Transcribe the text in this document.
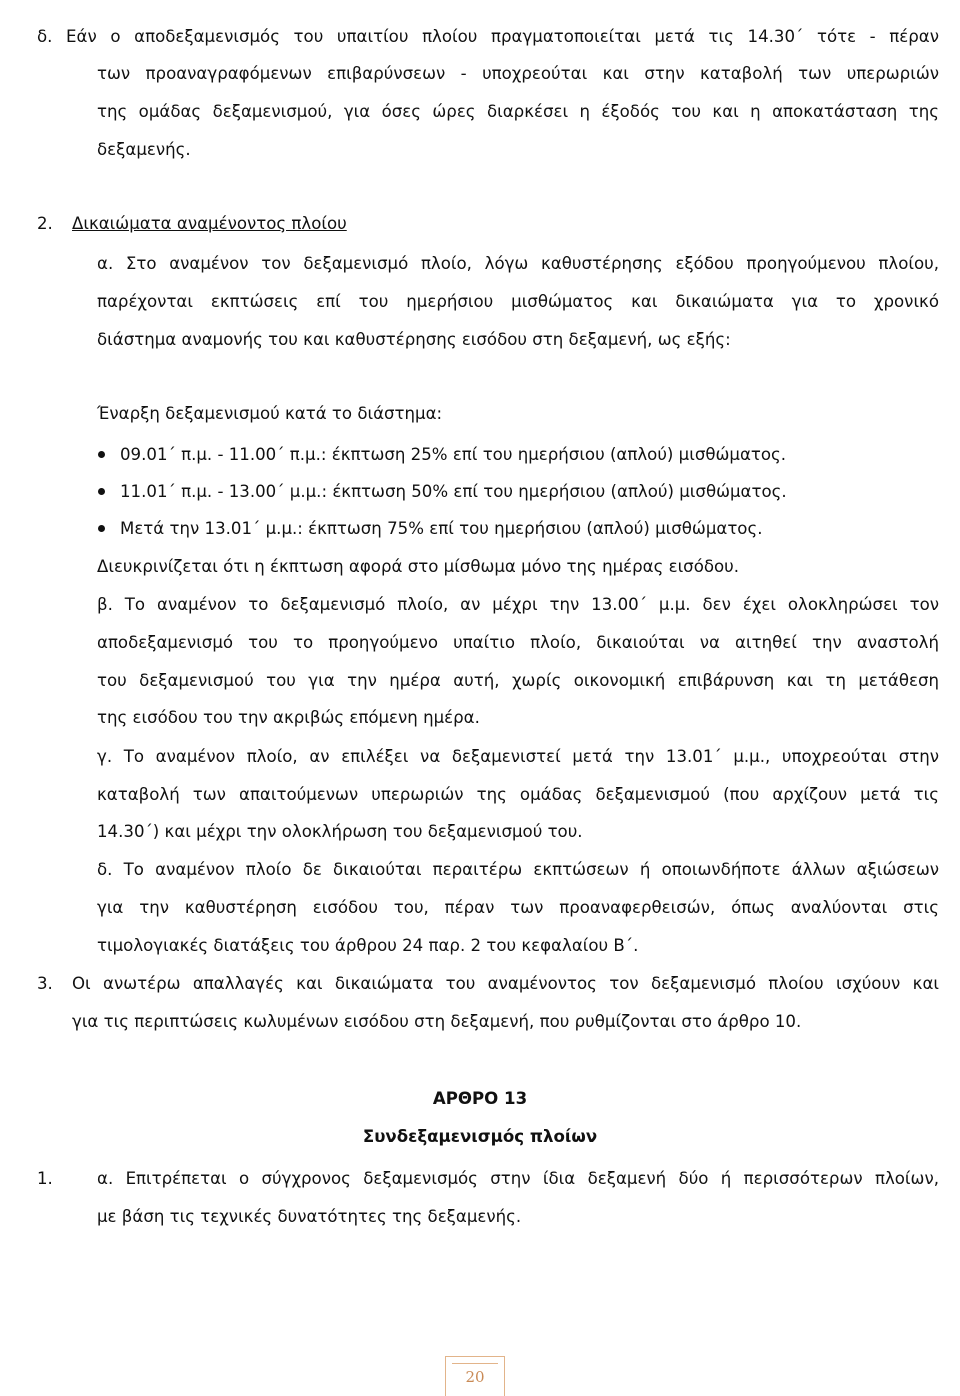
δ. Εάν ο αποδεξαμενισμός του υπαιτίου πλοίου πραγματοποιείται μετά τις 14.30΄ τότε - πέραν
των προαναγραφόμενων επιβαρύνσεων - υποχρεούται και στην καταβολή των υπερωριών
της ομάδας δεξαμενισμού, για όσες ώρες διαρκέσει η έξοδός του και η αποκατάσταση της
δεξαμενής.
2.	Δικαιώματα αναμένοντος πλοίου
α. Στο αναμένον τον δεξαμενισμό πλοίο, λόγω καθυστέρησης εξόδου προηγούμενου πλοίου,
παρέχονται εκπτώσεις επί του ημερήσιου μισθώματος και δικαιώματα για το χρονικό
διάστημα αναμονής του και καθυστέρησης εισόδου στη δεξαμενή, ως εξής:
Έναρξη δεξαμενισμού κατά το διάστημα:
09.01΄ π.μ. - 11.00΄ π.μ.: έκπτωση 25% επί του ημερήσιου (απλού) μισθώματος.
11.01΄ π.μ. - 13.00΄ μ.μ.: έκπτωση 50% επί του ημερήσιου (απλού) μισθώματος.
Μετά την 13.01΄ μ.μ.: έκπτωση 75% επί του ημερήσιου (απλού) μισθώματος.
Διευκρινίζεται ότι η έκπτωση αφορά στο μίσθωμα μόνο της ημέρας εισόδου.
β. Το αναμένον το δεξαμενισμό πλοίο, αν μέχρι την 13.00΄ μ.μ. δεν έχει ολοκληρώσει τον
αποδεξαμενισμό του το προηγούμενο υπαίτιο πλοίο, δικαιούται να αιτηθεί την αναστολή
του δεξαμενισμού του για την ημέρα αυτή, χωρίς οικονομική επιβάρυνση και τη μετάθεση
της εισόδου του την ακριβώς επόμενη ημέρα.
γ. Το αναμένον πλοίο, αν επιλέξει να δεξαμενιστεί μετά την 13.01΄ μ.μ., υποχρεούται στην
καταβολή των απαιτούμενων υπερωριών της ομάδας δεξαμενισμού (που αρχίζουν μετά τις
14.30΄) και μέχρι την ολοκλήρωση του δεξαμενισμού του.
δ. Το αναμένον πλοίο δε δικαιούται περαιτέρω εκπτώσεων ή οποιωνδήποτε άλλων αξιώσεων
για την καθυστέρηση εισόδου του, πέραν των προαναφερθεισών, όπως αναλύονται στις
τιμολογιακές διατάξεις του άρθρου 24 παρ. 2 του κεφαλαίου Β΄.
3.	Οι ανωτέρω απαλλαγές και δικαιώματα του αναμένοντος τον δεξαμενισμό πλοίου ισχύουν και
για τις περιπτώσεις κωλυμένων εισόδου στη δεξαμενή, που ρυθμίζονται στο άρθρο 10.
ΑΡΘΡΟ 13
Συνδεξαμενισμός πλοίων
1.	α. Επιτρέπεται ο σύγχρονος δεξαμενισμός στην ίδια δεξαμενή δύο ή περισσότερων πλοίων,
με βάση τις τεχνικές δυνατότητες της δεξαμενής.
20
